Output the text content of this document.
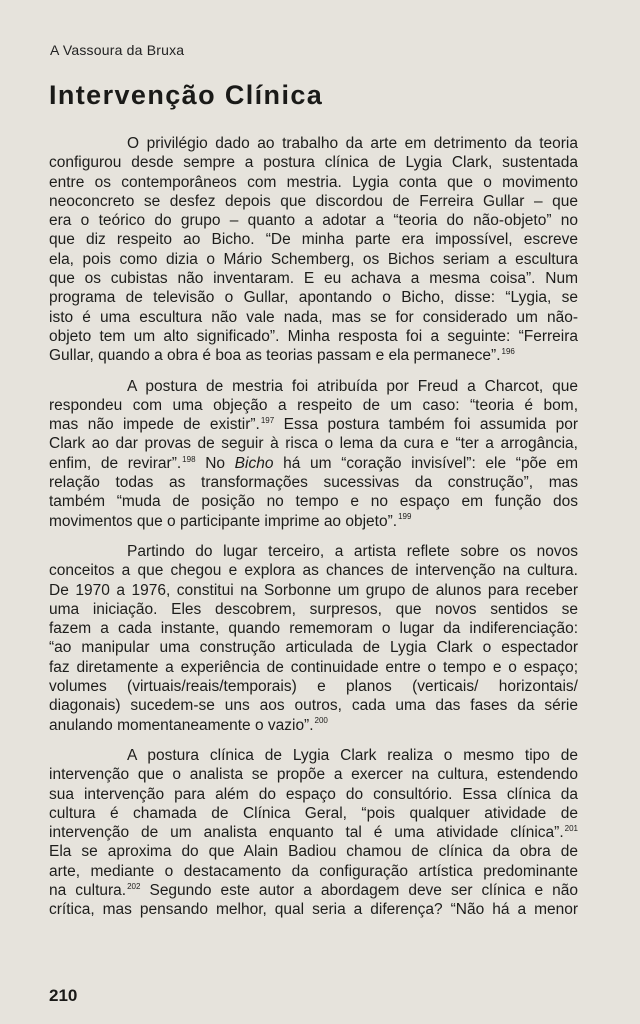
A Vassoura da Bruxa
Intervenção Clínica

O privilégio dado ao trabalho da arte em detrimento da teoria
configurou desde sempre a postura clínica de Lygia Clark, sustentada
entre os contemporâneos com mestria. Lygia conta que o movimento
neoconcreto se desfez depois que discordou de Ferreira Gullar – que
era o teórico do grupo – quanto a adotar a “teoria do não-objeto” no
que diz respeito ao Bicho. “De minha parte era impossível, escreve
ela, pois como dizia o Mário Schemberg, os Bichos seriam a escultura
que os cubistas não inventaram. E eu achava a mesma coisa”. Num
programa de televisão o Gullar, apontando o Bicho, disse: “Lygia, se
isto é uma escultura não vale nada, mas se for considerado um não-
objeto tem um alto significado”. Minha resposta foi a seguinte: “Ferreira
Gullar, quando a obra é boa as teorias passam e ela permanece”.$^{196}$

A postura de mestria foi atribuída por Freud a Charcot, que
respondeu com uma objeção a respeito de um caso: “teoria é bom,
mas não impede de existir”.$^{197}$ Essa postura também foi assumida por
Clark ao dar provas de seguir à risca o lema da cura e “ter a arrogância,
enfim, de revirar”.$^{198}$ No Bicho há um “coração invisível”: ele “põe em
relação todas as transformações sucessivas da construção”, mas
também “muda de posição no tempo e no espaço em função dos
movimentos que o participante imprime ao objeto”.$^{199}$

Partindo do lugar terceiro, a artista reflete sobre os novos
conceitos a que chegou e explora as chances de intervenção na cultura.
De 1970 a 1976, constitui na Sorbonne um grupo de alunos para receber
uma iniciação. Eles descobrem, surpresos, que novos sentidos se
fazem a cada instante, quando rememoram o lugar da indiferenciação:
“ao manipular uma construção articulada de Lygia Clark o espectador
faz diretamente a experiência de continuidade entre o tempo e o espaço;
volumes (virtuais/reais/temporais) e planos (verticais/ horizontais/
diagonais) sucedem-se uns aos outros, cada uma das fases da série
anulando momentaneamente o vazio”.$^{200}$

A postura clínica de Lygia Clark realiza o mesmo tipo de
intervenção que o analista se propõe a exercer na cultura, estendendo
sua intervenção para além do espaço do consultório. Essa clínica da
cultura é chamada de Clínica Geral, “pois qualquer atividade de
intervenção de um analista enquanto tal é uma atividade clínica”.$^{201}$
Ela se aproxima do que Alain Badiou chamou de clínica da obra de
arte, mediante o destacamento da configuração artística predominante
na cultura.$^{202}$ Segundo este autor a abordagem deve ser clínica e não
crítica, mas pensando melhor, qual seria a diferença? “Não há a menor

210
